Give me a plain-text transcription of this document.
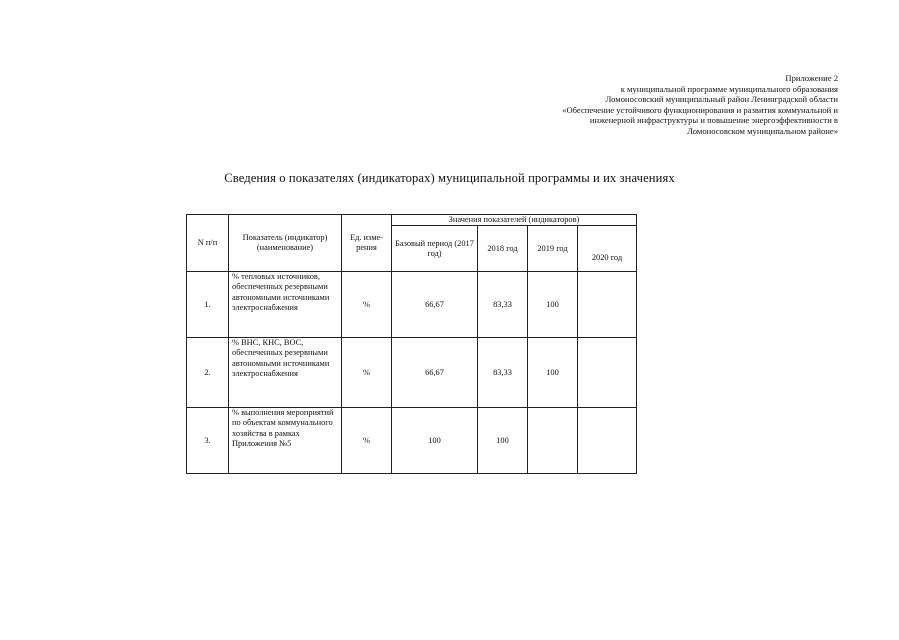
Приложение 2
к муниципальной программе муниципального образования
Ломоносовский муниципальный район Ленинградской области
«Обеспечение устойчивого функционирования и развития коммунальной и
инженерной инфраструктуры и повышение энергоэффективности в
Ломоносовском муниципальном районе»
Сведения о показателях (индикаторах) муниципальной программы и их значениях
N п/п	Показатель (индикатор) (наименование)	Ед. изме- рения	Значения показателей (индикаторов)			
			Базовый период (2017 год)	2018 год	2019 год	2020 год
1.	% тепловых источников, обеспеченных резервными автономными источниками электроснабжения	%	66,67	83,33	100	
2.	% ВНС, КНС, ВОС, обеспеченных резервными автономными источниками электроснабжения	%	66,67	83,33	100	
3.	% выполнения мероприятий по объектам коммунального хозяйства в рамках Приложения №5	%	100	100		
